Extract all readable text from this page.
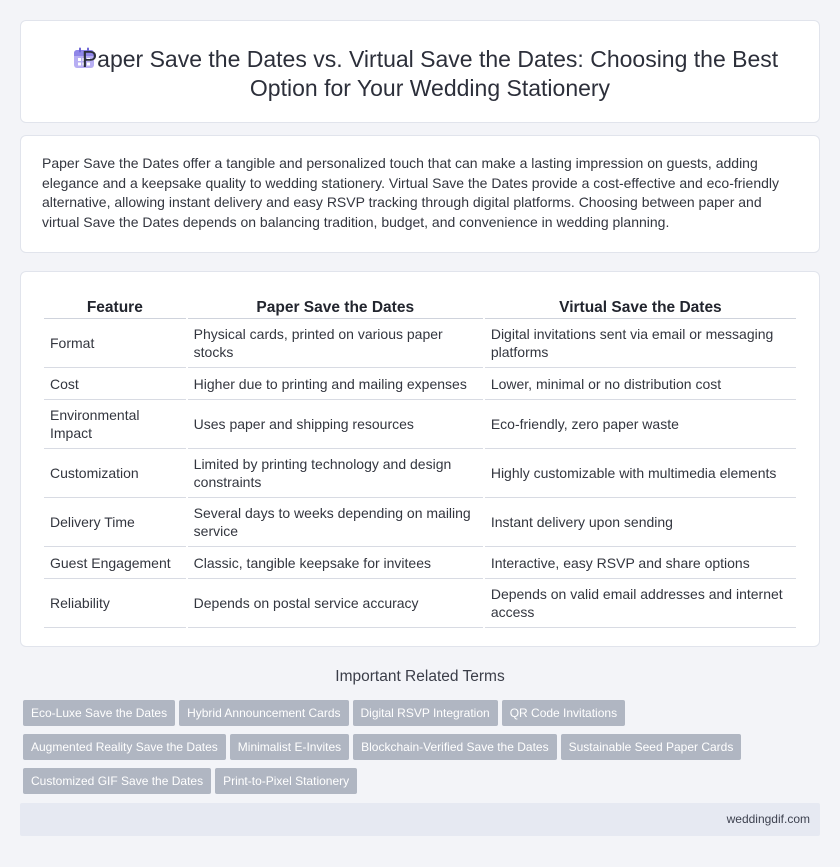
Paper Save the Dates vs. Virtual Save the Dates: Choosing the Best Option for Your Wedding Stationery

Paper Save the Dates offer a tangible and personalized touch that can make a lasting impression on guests, adding elegance and a keepsake quality to wedding stationery. Virtual Save the Dates provide a cost-effective and eco-friendly alternative, allowing instant delivery and easy RSVP tracking through digital platforms. Choosing between paper and virtual Save the Dates depends on balancing tradition, budget, and convenience in wedding planning.

Feature	Paper Save the Dates	Virtual Save the Dates
Format	Physical cards, printed on various paper stocks	Digital invitations sent via email or messaging platforms
Cost	Higher due to printing and mailing expenses	Lower, minimal or no distribution cost
Environmental Impact	Uses paper and shipping resources	Eco-friendly, zero paper waste
Customization	Limited by printing technology and design constraints	Highly customizable with multimedia elements
Delivery Time	Several days to weeks depending on mailing service	Instant delivery upon sending
Guest Engagement	Classic, tangible keepsake for invitees	Interactive, easy RSVP and share options
Reliability	Depends on postal service accuracy	Depends on valid email addresses and internet access
Important Related Terms
Eco-Luxe Save the Dates Hybrid Announcement Cards Digital RSVP Integration QR Code Invitations
Augmented Reality Save the Dates Minimalist E-Invites Blockchain-Verified Save the Dates Sustainable Seed Paper Cards
Customized GIF Save the Dates Print-to-Pixel Stationery
weddingdif.com
